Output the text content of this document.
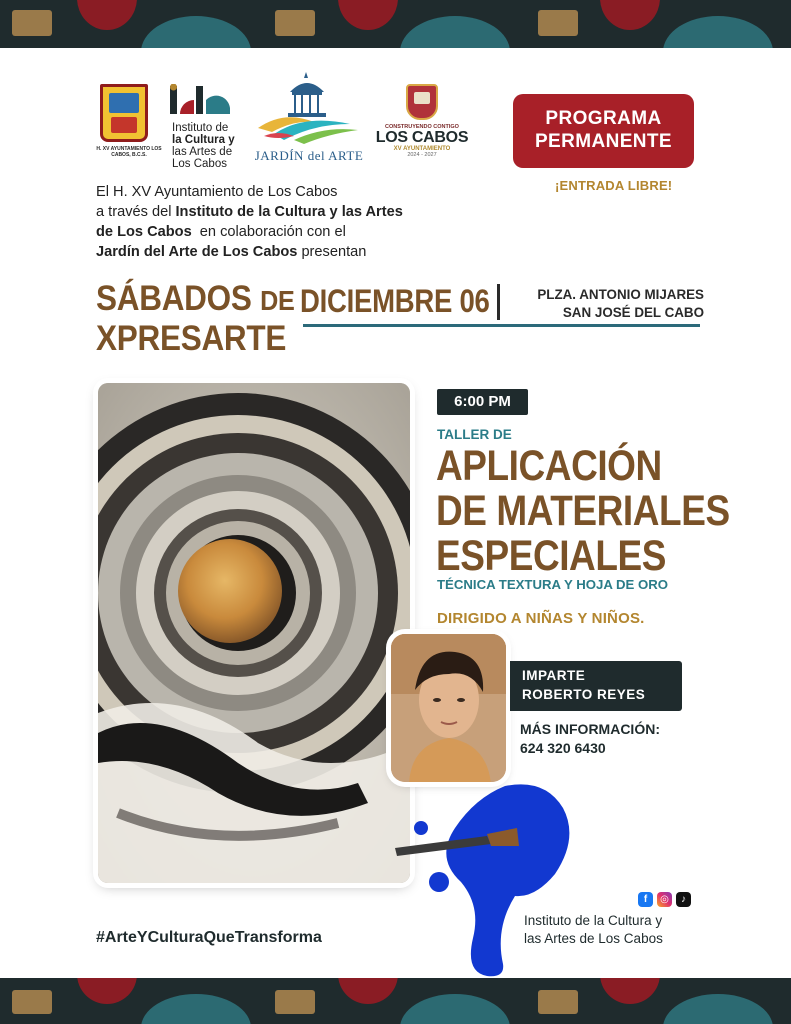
H. XV AYUNTAMIENTO LOS CABOS, B.C.S.
Instituto de
la Cultura y
las Artes de
Los Cabos
JARDÍN del ARTE
CONSTRUYENDO CONTIGO
LOS CABOS
XV AYUNTAMIENTO
2024 - 2027
PROGRAMA
PERMANENTE
¡ENTRADA LIBRE!
El H. XV Ayuntamiento de Los Cabos
a través del Instituto de la Cultura y las Artes
de Los Cabos  en colaboración con el
Jardín del Arte de Los Cabos presentan
SÁBADOS DE
XPRESARTE
DICIEMBRE 06	PLZA. ANTONIO MIJARES
SAN JOSÉ DEL CABO
6:00 PM
TALLER DE
APLICACIÓN
DE MATERIALES
ESPECIALES
TÉCNICA TEXTURA Y HOJA DE ORO
DIRIGIDO A NIÑAS Y NIÑOS.
IMPARTE
ROBERTO REYES
MÁS INFORMACIÓN:
624 320 6430
f	◎	♪
Instituto de la Cultura y
las Artes de Los Cabos
#ArteYCulturaQueTransforma
